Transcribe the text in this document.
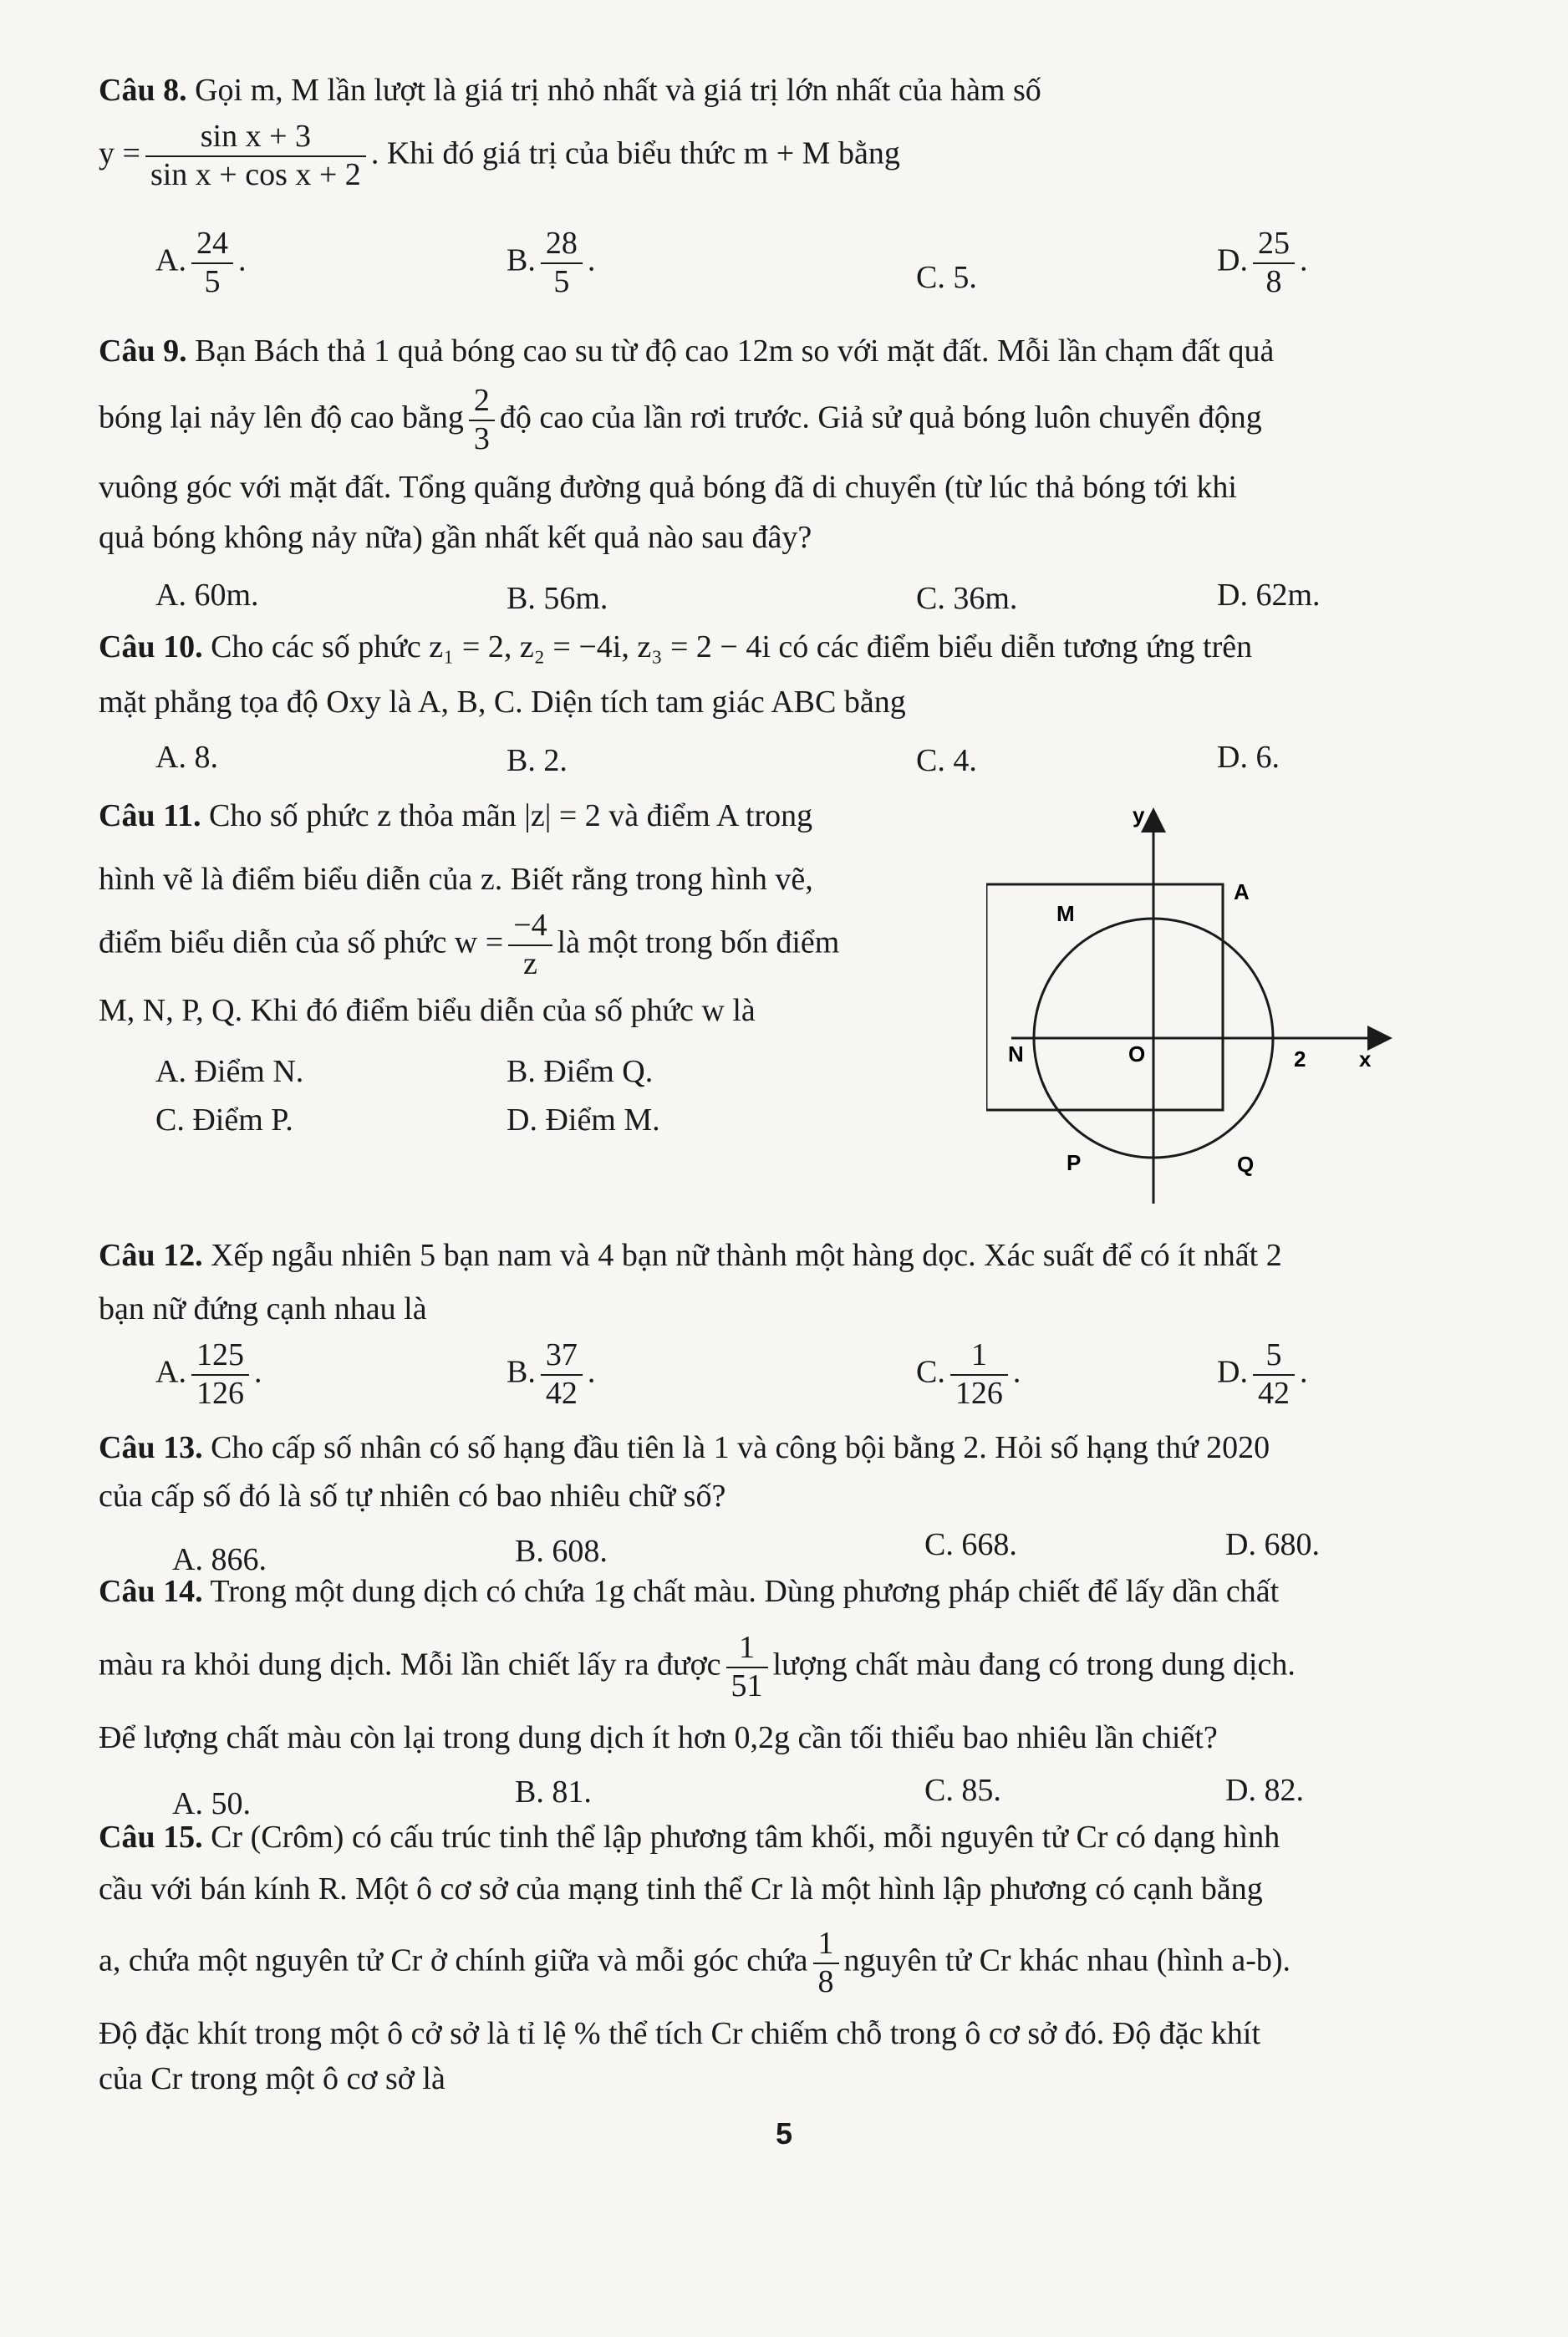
Câu 8. Gọi m, M lần lượt là giá trị nhỏ nhất và giá trị lớn nhất của hàm số

$y = \frac{\text{sin x + 3}}{\text{sin x + cos x + 2}}$ . Khi đó giá trị của biểu thức m + M bằng

A. $\frac{24}{5}$ .	B. $\frac{28}{5}$ .	C. 5.	D. $\frac{25}{8}$ .

Câu 9. Bạn Bách thả 1 quả bóng cao su từ độ cao 12m so với mặt đất. Mỗi lần chạm đất quả

bóng lại nảy lên độ cao bằng $\frac{2}{3}$ độ cao của lần rơi trước. Giả sử quả bóng luôn chuyển động

vuông góc với mặt đất. Tổng quãng đường quả bóng đã di chuyển (từ lúc thả bóng tới khi

quả bóng không nảy nữa) gần nhất kết quả nào sau đây?

A. 60m.	B. 56m.	C. 36m.	D. 62m.

Câu 10. Cho các số phức z₁ = 2, z₂ = −4i, z₃ = 2 − 4i có các điểm biểu diễn tương ứng trên

mặt phẳng tọa độ Oxy là A, B, C. Diện tích tam giác ABC bằng

A. 8.	B. 2.	C. 4.	D. 6.

Câu 11. Cho số phức z thỏa mãn |z| = 2 và điểm A trong

hình vẽ là điểm biểu diễn của z. Biết rằng trong hình vẽ,

điểm biểu diễn của số phức $w = \frac{-4}{z}$ là một trong bốn điểm

M, N, P, Q. Khi đó điểm biểu diễn của số phức w là

A. Điểm N.	B. Điểm Q.
C. Điểm P.	D. Điểm M.
y
x
O	2
A
M
N
P	Q

Câu 12. Xếp ngẫu nhiên 5 bạn nam và 4 bạn nữ thành một hàng dọc. Xác suất để có ít nhất 2

bạn nữ đứng cạnh nhau là

A. $\frac{125}{126}$ .	B. $\frac{37}{42}$ .	C. $\frac{1}{126}$ .	D. $\frac{5}{42}$ .

Câu 13. Cho cấp số nhân có số hạng đầu tiên là 1 và công bội bằng 2. Hỏi số hạng thứ 2020

của cấp số đó là số tự nhiên có bao nhiêu chữ số?

A. 866.	B. 608.	C. 668.	D. 680.

Câu 14. Trong một dung dịch có chứa 1g chất màu. Dùng phương pháp chiết để lấy dần chất

màu ra khỏi dung dịch. Mỗi lần chiết lấy ra được $\frac{1}{51}$ lượng chất màu đang có trong dung dịch.

Để lượng chất màu còn lại trong dung dịch ít hơn 0,2g cần tối thiểu bao nhiêu lần chiết?

A. 50.	B. 81.	C. 85.	D. 82.

Câu 15. Cr (Crôm) có cấu trúc tinh thể lập phương tâm khối, mỗi nguyên tử Cr có dạng hình

cầu với bán kính R. Một ô cơ sở của mạng tinh thể Cr là một hình lập phương có cạnh bằng

a, chứa một nguyên tử Cr ở chính giữa và mỗi góc chứa $\frac{1}{8}$ nguyên tử Cr khác nhau (hình a-b).

Độ đặc khít trong một ô cở sở là tỉ lệ % thể tích Cr chiếm chỗ trong ô cơ sở đó. Độ đặc khít

của Cr trong một ô cơ sở là

5
